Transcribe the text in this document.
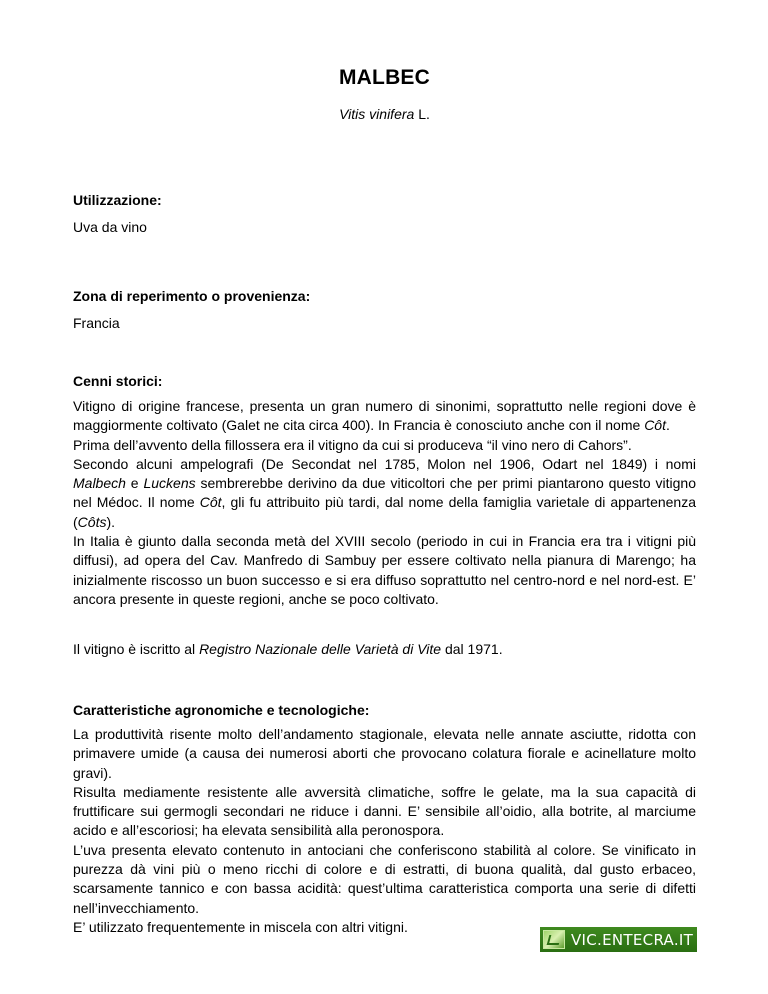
MALBEC
Vitis vinifera L.
Utilizzazione:
Uva da vino
Zona di reperimento o provenienza:
Francia
Cenni storici:

Vitigno di origine francese, presenta un gran numero di sinonimi, soprattutto nelle regioni dove è maggiormente coltivato (Galet ne cita circa 400). In Francia è conosciuto anche con il nome Côt.

Prima dell’avvento della fillossera era il vitigno da cui si produceva “il vino nero di Cahors”.

Secondo alcuni ampelografi (De Secondat nel 1785, Molon nel 1906, Odart nel 1849) i nomi Malbech e Luckens sembrerebbe derivino da due viticoltori che per primi piantarono questo vitigno nel Médoc. Il nome Côt, gli fu attribuito più tardi, dal nome della famiglia varietale di appartenenza (Côts).

In Italia è giunto dalla seconda metà del XVIII secolo (periodo in cui in Francia era tra i vitigni più diffusi), ad opera del Cav. Manfredo di Sambuy per essere coltivato nella pianura di Marengo; ha inizialmente riscosso un buon successo e si era diffuso soprattutto nel centro-nord e nel nord-est. E’ ancora presente in queste regioni, anche se poco coltivato.

Il vitigno è iscritto al Registro Nazionale delle Varietà di Vite dal 1971.
Caratteristiche agronomiche e tecnologiche:

La produttività risente molto dell’andamento stagionale, elevata nelle annate asciutte, ridotta con primavere umide (a causa dei numerosi aborti che provocano colatura fiorale e acinellature molto gravi).

Risulta mediamente resistente alle avversità climatiche, soffre le gelate, ma la sua capacità di fruttificare sui germogli secondari ne riduce i danni. E’ sensibile all’oidio, alla botrite, al marciume acido e all’escoriosi; ha elevata sensibilità alla peronospora.

L’uva presenta elevato contenuto in antociani che conferiscono stabilità al colore. Se vinificato in purezza dà vini più o meno ricchi di colore e di estratti, di buona qualità, dal gusto erbaceo, scarsamente tannico e con bassa acidità: quest’ultima caratteristica comporta una serie di difetti nell’invecchiamento.

E’ utilizzato frequentemente in miscela con altri vitigni.

VIC.ENTECRA.IT
